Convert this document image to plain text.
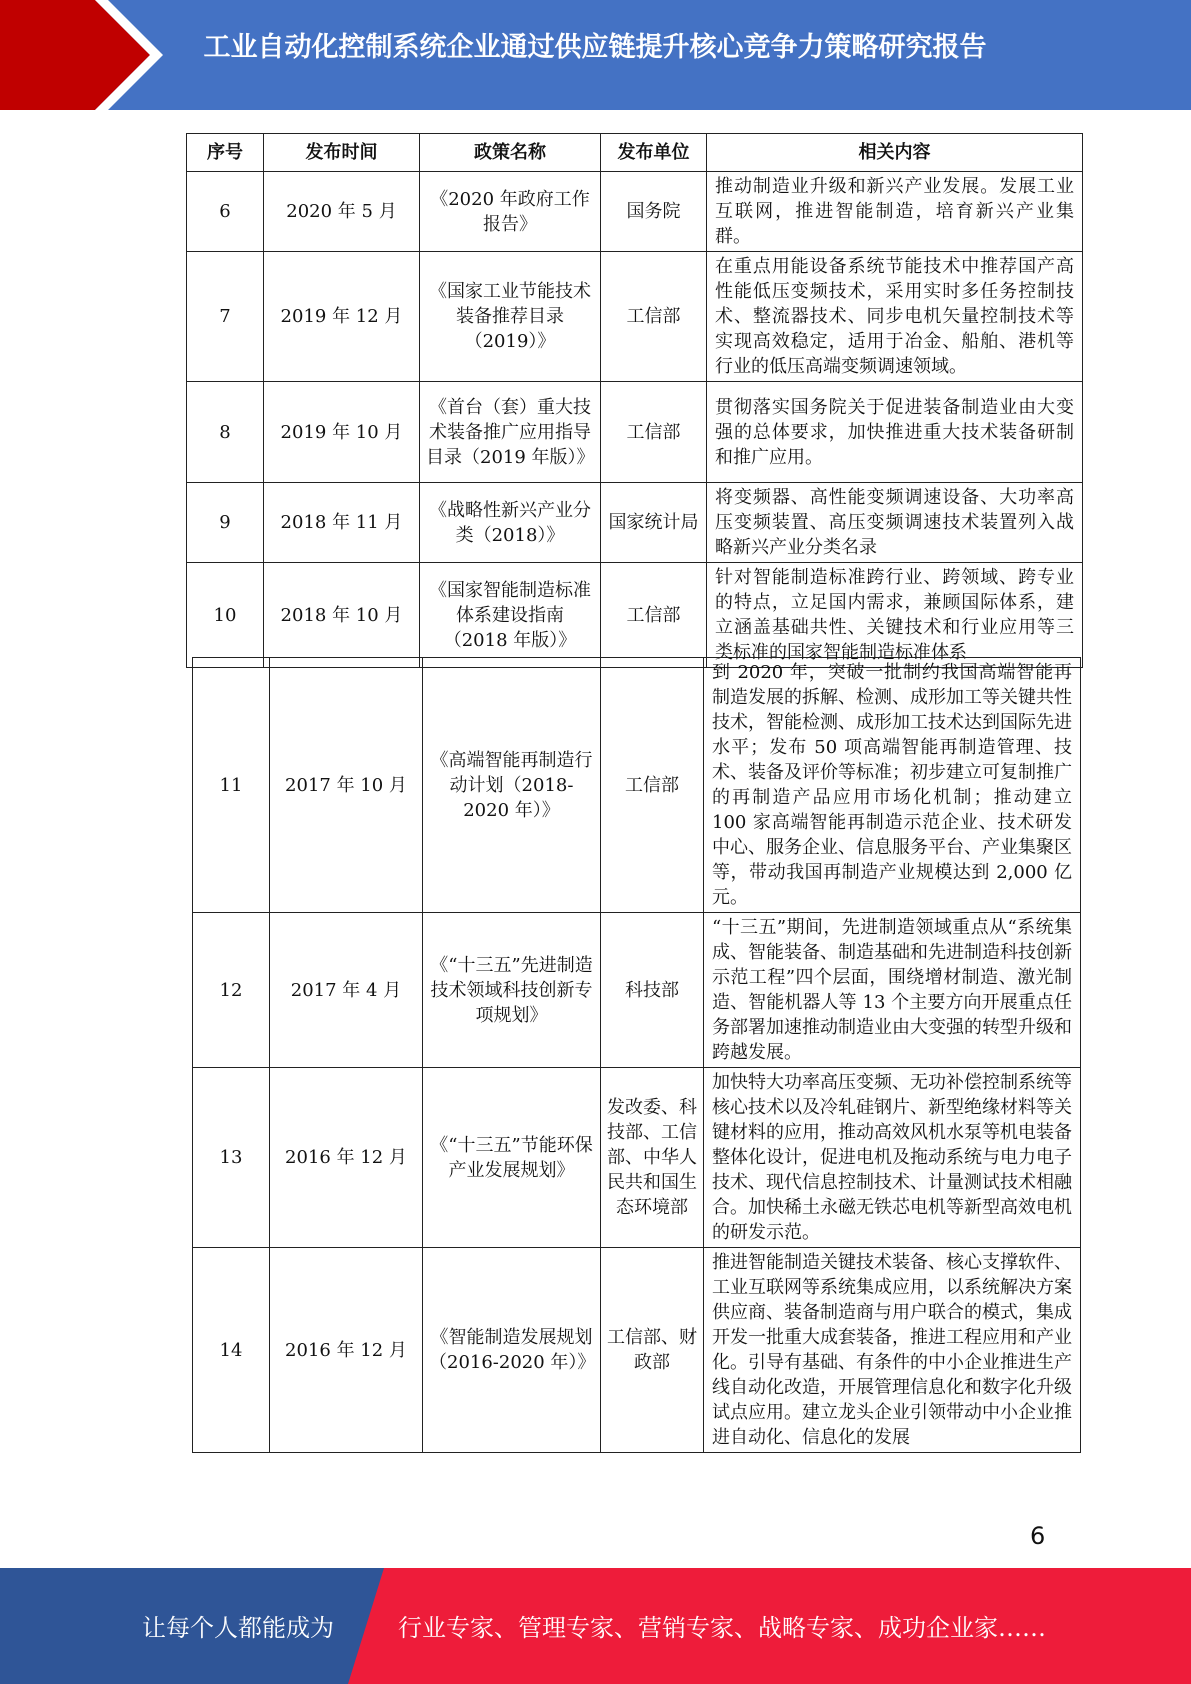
工业自动化控制系统企业通过供应链提升核心竞争力策略研究报告
序号	发布时间	政策名称	发布单位	相关内容
6	2020 年 5 月	《2020 年政府工作报告》	国务院	推动制造业升级和新兴产业发展。发展工业互联网，推进智能制造，培育新兴产业集群。
7	2019 年 12 月	《国家工业节能技术装备推荐目录（2019）》	工信部	在重点用能设备系统节能技术中推荐国产高性能低压变频技术，采用实时多任务控制技术、整流器技术、同步电机矢量控制技术等实现高效稳定，适用于冶金、船舶、港机等行业的低压高端变频调速领域。
8	2019 年 10 月	《首台（套）重大技术装备推广应用指导目录（2019 年版）》	工信部	贯彻落实国务院关于促进装备制造业由大变强的总体要求，加快推进重大技术装备研制和推广应用。
9	2018 年 11 月	《战略性新兴产业分类（2018）》	国家统计局	将变频器、高性能变频调速设备、大功率高压变频装置、高压变频调速技术装置列入战略新兴产业分类名录
10	2018 年 10 月	《国家智能制造标准体系建设指南（2018 年版）》	工信部	针对智能制造标准跨行业、跨领域、跨专业的特点，立足国内需求，兼顾国际体系，建立涵盖基础共性、关键技术和行业应用等三类标准的国家智能制造标准体系
11	2017 年 10 月	《高端智能再制造行动计划（2018-2020 年）》	工信部	到 2020 年，突破一批制约我国高端智能再制造发展的拆解、检测、成形加工等关键共性技术，智能检测、成形加工技术达到国际先进水平；发布 50 项高端智能再制造管理、技术、装备及评价等标准；初步建立可复制推广的再制造产品应用市场化机制；推动建立 100 家高端智能再制造示范企业、技术研发中心、服务企业、信息服务平台、产业集聚区等，带动我国再制造产业规模达到 2,000 亿元。
12	2017 年 4 月	《“十三五”先进制造技术领域科技创新专项规划》	科技部	“十三五”期间，先进制造领域重点从“系统集成、智能装备、制造基础和先进制造科技创新示范工程”四个层面，围绕增材制造、激光制造、智能机器人等 13 个主要方向开展重点任务部署加速推动制造业由大变强的转型升级和跨越发展。
13	2016 年 12 月	《“十三五”节能环保产业发展规划》	发改委、科技部、工信部、中华人民共和国生态环境部	加快特大功率高压变频、无功补偿控制系统等核心技术以及冷轧硅钢片、新型绝缘材料等关键材料的应用，推动高效风机水泵等机电装备整体化设计，促进电机及拖动系统与电力电子技术、现代信息控制技术、计量测试技术相融合。加快稀土永磁无铁芯电机等新型高效电机的研发示范。
14	2016 年 12 月	《智能制造发展规划（2016-2020 年）》	工信部、财政部	推进智能制造关键技术装备、核心支撑软件、工业互联网等系统集成应用，以系统解决方案供应商、装备制造商与用户联合的模式，集成开发一批重大成套装备，推进工程应用和产业化。引导有基础、有条件的中小企业推进生产线自动化改造，开展管理信息化和数字化升级试点应用。建立龙头企业引领带动中小企业推进自动化、信息化的发展
6
让每个人都能成为	行业专家、管理专家、营销专家、战略专家、成功企业家……
